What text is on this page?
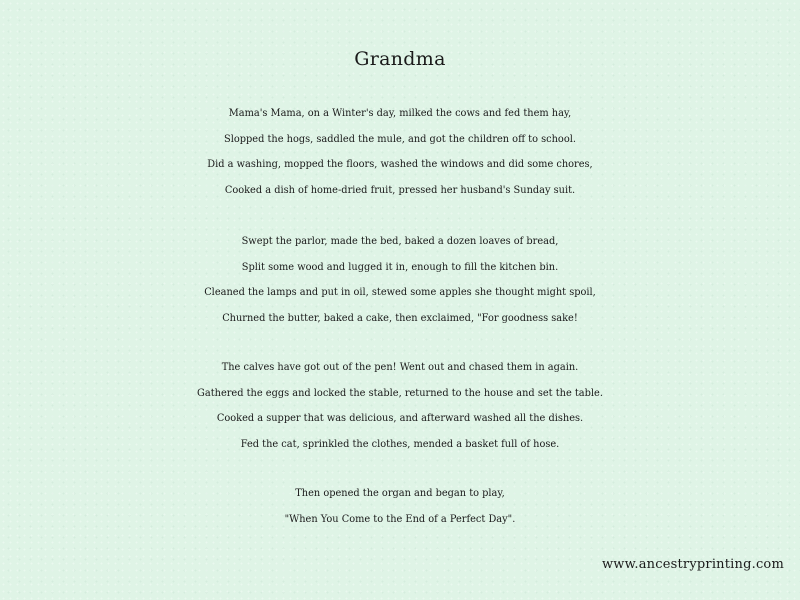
Grandma
Mama's Mama, on a Winter's day, milked the cows and fed them hay,
Slopped the hogs, saddled the mule, and got the children off to school.
Did a washing, mopped the floors, washed the windows and did some chores,
Cooked a dish of home-dried fruit, pressed her husband's Sunday suit.
Swept the parlor, made the bed, baked a dozen loaves of bread,
Split some wood and lugged it in, enough to fill the kitchen bin.
Cleaned the lamps and put in oil, stewed some apples she thought might spoil,
Churned the butter, baked a cake, then exclaimed, "For goodness sake!
The calves have got out of the pen! Went out and chased them in again.
Gathered the eggs and locked the stable, returned to the house and set the table.
Cooked a supper that was delicious, and afterward washed all the dishes.
Fed the cat, sprinkled the clothes, mended a basket full of hose.
Then opened the organ and began to play,
"When You Come to the End of a Perfect Day".
www.ancestryprinting.com
